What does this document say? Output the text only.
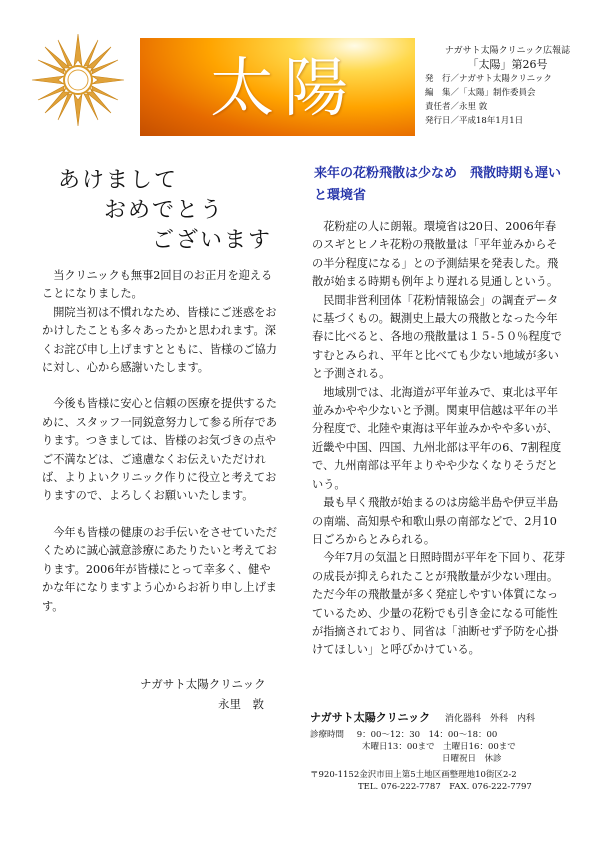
太陽
ナガサト太陽クリニック広報誌
「太陽」第26号
発　行／ナガサト太陽クリニック
編　集／「太陽」制作委員会
責任者／永里 敦
発行日／平成18年1月1日
あけまして
おめでとう
ございます

当クリニックも無事2回目のお正月を迎えることになりました。

開院当初は不慣れなため、皆様にご迷惑をおかけしたことも多々あったかと思われます。深くお詫び申し上げますとともに、皆様のご協力に対し、心から感謝いたします。

今後も皆様に安心と信頼の医療を提供するために、スタッフ一同鋭意努力して参る所存であります。つきましては、皆様のお気づきの点やご不満などは、ご遠慮なくお伝えいただければ、よりよいクリニック作りに役立と考えておりますので、よろしくお願いいたします。

今年も皆様の健康のお手伝いをさせていただくために誠心誠意診療にあたりたいと考えております。2006年が皆様にとって幸多く、健やかな年になりますよう心からお祈り申し上げます。

ナガサト太陽クリニック
永里　敦
来年の花粉飛散は少なめ　飛散時期も遅いと環境省

花粉症の人に朗報。環境省は20日、2006年春のスギとヒノキ花粉の飛散量は「平年並みからその半分程度になる」との予測結果を発表した。飛散が始まる時期も例年より遅れる見通しという。

民間非営利団体「花粉情報協会」の調査データに基づくもの。観測史上最大の飛散となった今年春に比べると、各地の飛散量は１５-５０％程度ですむとみられ、平年と比べても少ない地域が多いと予測される。

地域別では、北海道が平年並みで、東北は平年並みかやや少ないと予測。関東甲信越は平年の半分程度で、北陸や東海は平年並みかやや多いが、近畿や中国、四国、九州北部は平年の6、7割程度で、九州南部は平年よりやや少なくなりそうだという。

最も早く飛散が始まるのは房総半島や伊豆半島の南端、高知県や和歌山県の南部などで、2月10日ごろからとみられる。

今年7月の気温と日照時間が平年を下回り、花芽の成長が抑えられたことが飛散量が少ない理由。ただ今年の飛散量が多く発症しやすい体質になっているため、少量の花粉でも引き金になる可能性が指摘されており、同省は「油断せず予防を心掛けてほしい」と呼びかけている。

ナガサト太陽クリニック 消化器科　外科　内科
診療時間 9：00～12：30　14：00～18：00
木曜日13：00まで　土曜日16：00まで
日曜祝日　休診
〒920-1152金沢市田上第5土地区画整理地10街区2-2
TEL. 076-222-7787　FAX. 076-222-7797
